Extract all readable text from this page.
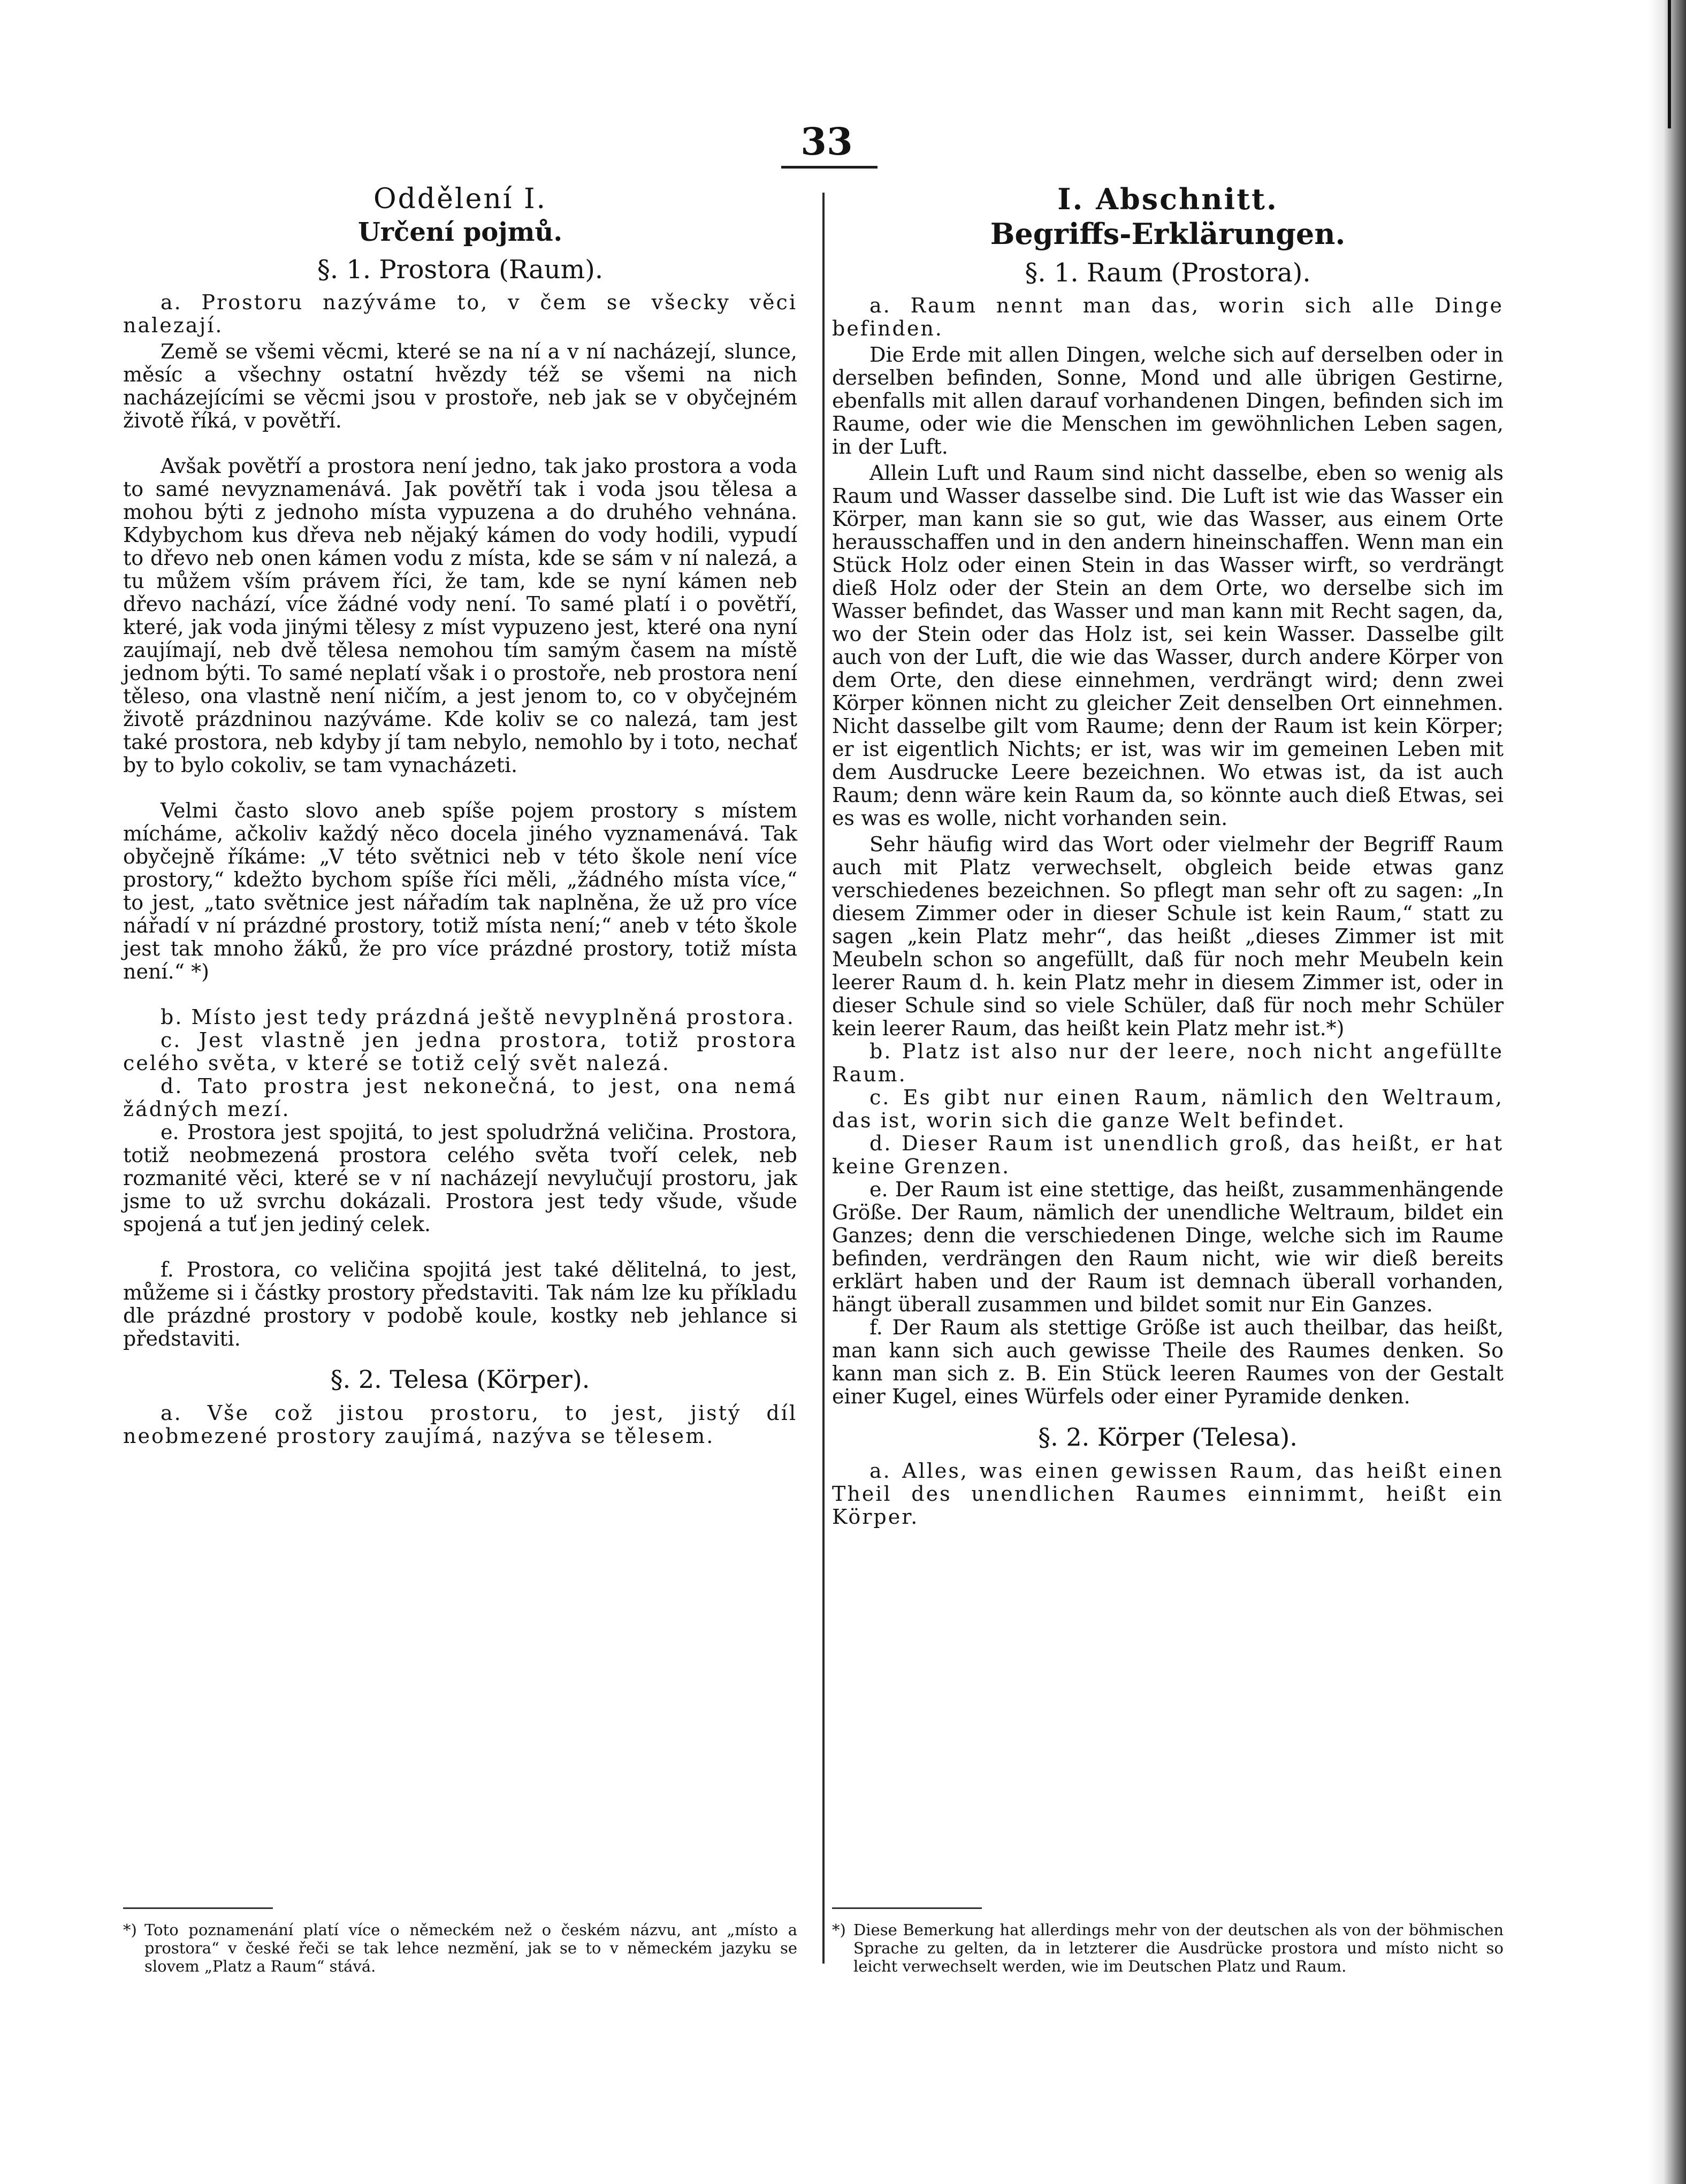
33

Oddělení I.

Určení pojmů.

§. 1. Prostora (Raum).

a. Prostoru nazýváme to, v čem se všecky věci nalezají.

Země se všemi věcmi, které se na ní a v ní nacházejí, slunce, měsíc a všechny ostatní hvězdy též se všemi na nich nacházejícími se věcmi jsou v prostoře, neb jak se v obyčejném životě říká, v povětří.

Avšak povětří a prostora není jedno, tak jako prostora a voda to samé nevyznamenává. Jak povětří tak i voda jsou tělesa a mohou býti z jednoho místa vypuzena a do druhého vehnána. Kdybychom kus dřeva neb nějaký kámen do vody hodili, vypudí to dřevo neb onen kámen vodu z místa, kde se sám v ní nalezá, a tu můžem vším právem říci, že tam, kde se nyní kámen neb dřevo nachází, více žádné vody není. To samé platí i o povětří, které, jak voda jinými tělesy z míst vypuzeno jest, které ona nyní zaujímají, neb dvě tělesa nemohou tím samým časem na místě jednom býti. To samé neplatí však i o prostoře, neb prostora není těleso, ona vlastně není ničím, a jest jenom to, co v obyčejném životě prázdninou nazýváme. Kde koliv se co nalezá, tam jest také prostora, neb kdyby jí tam nebylo, nemohlo by i toto, nechať by to bylo cokoliv, se tam vynacházeti.

Velmi často slovo aneb spíše pojem prostory s místem mícháme, ačkoliv každý něco docela jiného vyznamenává. Tak obyčejně říkáme: „V této světnici neb v této škole není více prostory,“ kdežto bychom spíše říci měli, „žádného místa více,“ to jest, „tato světnice jest nářadím tak naplněna, že už pro více nářadí v ní prázdné prostory, totiž místa není;“ aneb v této škole jest tak mnoho žáků, že pro více prázdné prostory, totiž místa není.“ *)

b. Místo jest tedy prázdná ještě nevyplněná prostora.

c. Jest vlastně jen jedna prostora, totiž prostora celého světa, v které se totiž celý svět nalezá.

d. Tato prostra jest nekonečná, to jest, ona nemá žádných mezí.

e. Prostora jest spojitá, to jest spoludržná veličina. Prostora, totiž neobmezená prostora celého světa tvoří celek, neb rozmanité věci, které se v ní nacházejí nevylučují prostoru, jak jsme to už svrchu dokázali. Prostora jest tedy všude, všude spojená a tuť jen jediný celek.

f. Prostora, co veličina spojitá jest také dělitelná, to jest, můžeme si i částky prostory představiti. Tak nám lze ku příkladu dle prázdné prostory v podobě koule, kostky neb jehlance si představiti.

§. 2. Telesa (Körper).

a. Vše což jistou prostoru, to jest, jistý díl neobmezené prostory zaujímá, nazýva se tělesem.

I. Abschnitt.

Begriffs-Erklärungen.

§. 1. Raum (Prostora).

a. Raum nennt man das, worin sich alle Dinge befinden.

Die Erde mit allen Dingen, welche sich auf derselben oder in derselben befinden, Sonne, Mond und alle übrigen Gestirne, ebenfalls mit allen darauf vorhandenen Dingen, befinden sich im Raume, oder wie die Menschen im gewöhnlichen Leben sagen, in der Luft.

Allein Luft und Raum sind nicht dasselbe, eben so wenig als Raum und Wasser dasselbe sind. Die Luft ist wie das Wasser ein Körper, man kann sie so gut, wie das Wasser, aus einem Orte herausschaffen und in den andern hineinschaffen. Wenn man ein Stück Holz oder einen Stein in das Wasser wirft, so verdrängt dieß Holz oder der Stein an dem Orte, wo derselbe sich im Wasser befindet, das Wasser und man kann mit Recht sagen, da, wo der Stein oder das Holz ist, sei kein Wasser. Dasselbe gilt auch von der Luft, die wie das Wasser, durch andere Körper von dem Orte, den diese einnehmen, verdrängt wird; denn zwei Körper können nicht zu gleicher Zeit denselben Ort einnehmen. Nicht dasselbe gilt vom Raume; denn der Raum ist kein Körper; er ist eigentlich Nichts; er ist, was wir im gemeinen Leben mit dem Ausdrucke Leere bezeichnen. Wo etwas ist, da ist auch Raum; denn wäre kein Raum da, so könnte auch dieß Etwas, sei es was es wolle, nicht vorhanden sein.

Sehr häufig wird das Wort oder vielmehr der Begriff Raum auch mit Platz verwechselt, obgleich beide etwas ganz verschiedenes bezeichnen. So pflegt man sehr oft zu sagen: „In diesem Zimmer oder in dieser Schule ist kein Raum,“ statt zu sagen „kein Platz mehr“, das heißt „dieses Zimmer ist mit Meubeln schon so angefüllt, daß für noch mehr Meubeln kein leerer Raum d. h. kein Platz mehr in diesem Zimmer ist, oder in dieser Schule sind so viele Schüler, daß für noch mehr Schüler kein leerer Raum, das heißt kein Platz mehr ist.*)

b. Platz ist also nur der leere, noch nicht angefüllte Raum.

c. Es gibt nur einen Raum, nämlich den Weltraum, das ist, worin sich die ganze Welt befindet.

d. Dieser Raum ist unendlich groß, das heißt, er hat keine Grenzen.

e. Der Raum ist eine stettige, das heißt, zusammenhängende Größe. Der Raum, nämlich der unendliche Weltraum, bildet ein Ganzes; denn die verschiedenen Dinge, welche sich im Raume befinden, verdrängen den Raum nicht, wie wir dieß bereits erklärt haben und der Raum ist demnach überall vorhanden, hängt überall zusammen und bildet somit nur Ein Ganzes.

f. Der Raum als stettige Größe ist auch theilbar, das heißt, man kann sich auch gewisse Theile des Raumes denken. So kann man sich z. B. Ein Stück leeren Raumes von der Gestalt einer Kugel, eines Würfels oder einer Pyramide denken.

§. 2. Körper (Telesa).

a. Alles, was einen gewissen Raum, das heißt einen Theil des unendlichen Raumes einnimmt, heißt ein Körper.

*) Toto poznamenání platí více o německém než o českém názvu, ant „místo a prostora“ v české řeči se tak lehce nezmění, jak se to v německém jazyku se slovem „Platz a Raum“ stává.

*) Diese Bemerkung hat allerdings mehr von der deutschen als von der böhmischen Sprache zu gelten, da in letzterer die Ausdrücke prostora und místo nicht so leicht verwechselt werden, wie im Deutschen Platz und Raum.
